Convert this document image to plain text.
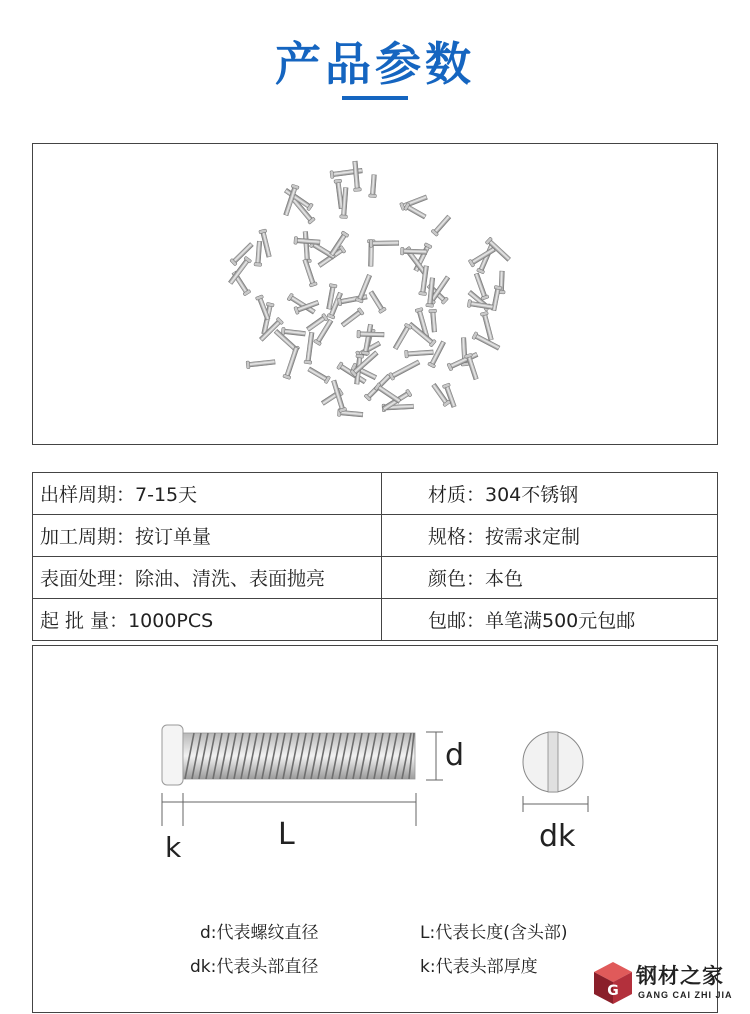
产品参数
出样周期：7-15天	材质：304不锈钢
加工周期：按订单量	规格：按需求定制
表面处理：除油、清洗、表面抛亮	颜色：本色
起 批 量：1000PCS	包邮：单笔满500元包邮
d
k	L	dk
d:代表螺纹直径	L:代表长度(含头部)
dk:代表头部直径	k:代表头部厚度
G
钢材之家
GANG CAI ZHI JIA
